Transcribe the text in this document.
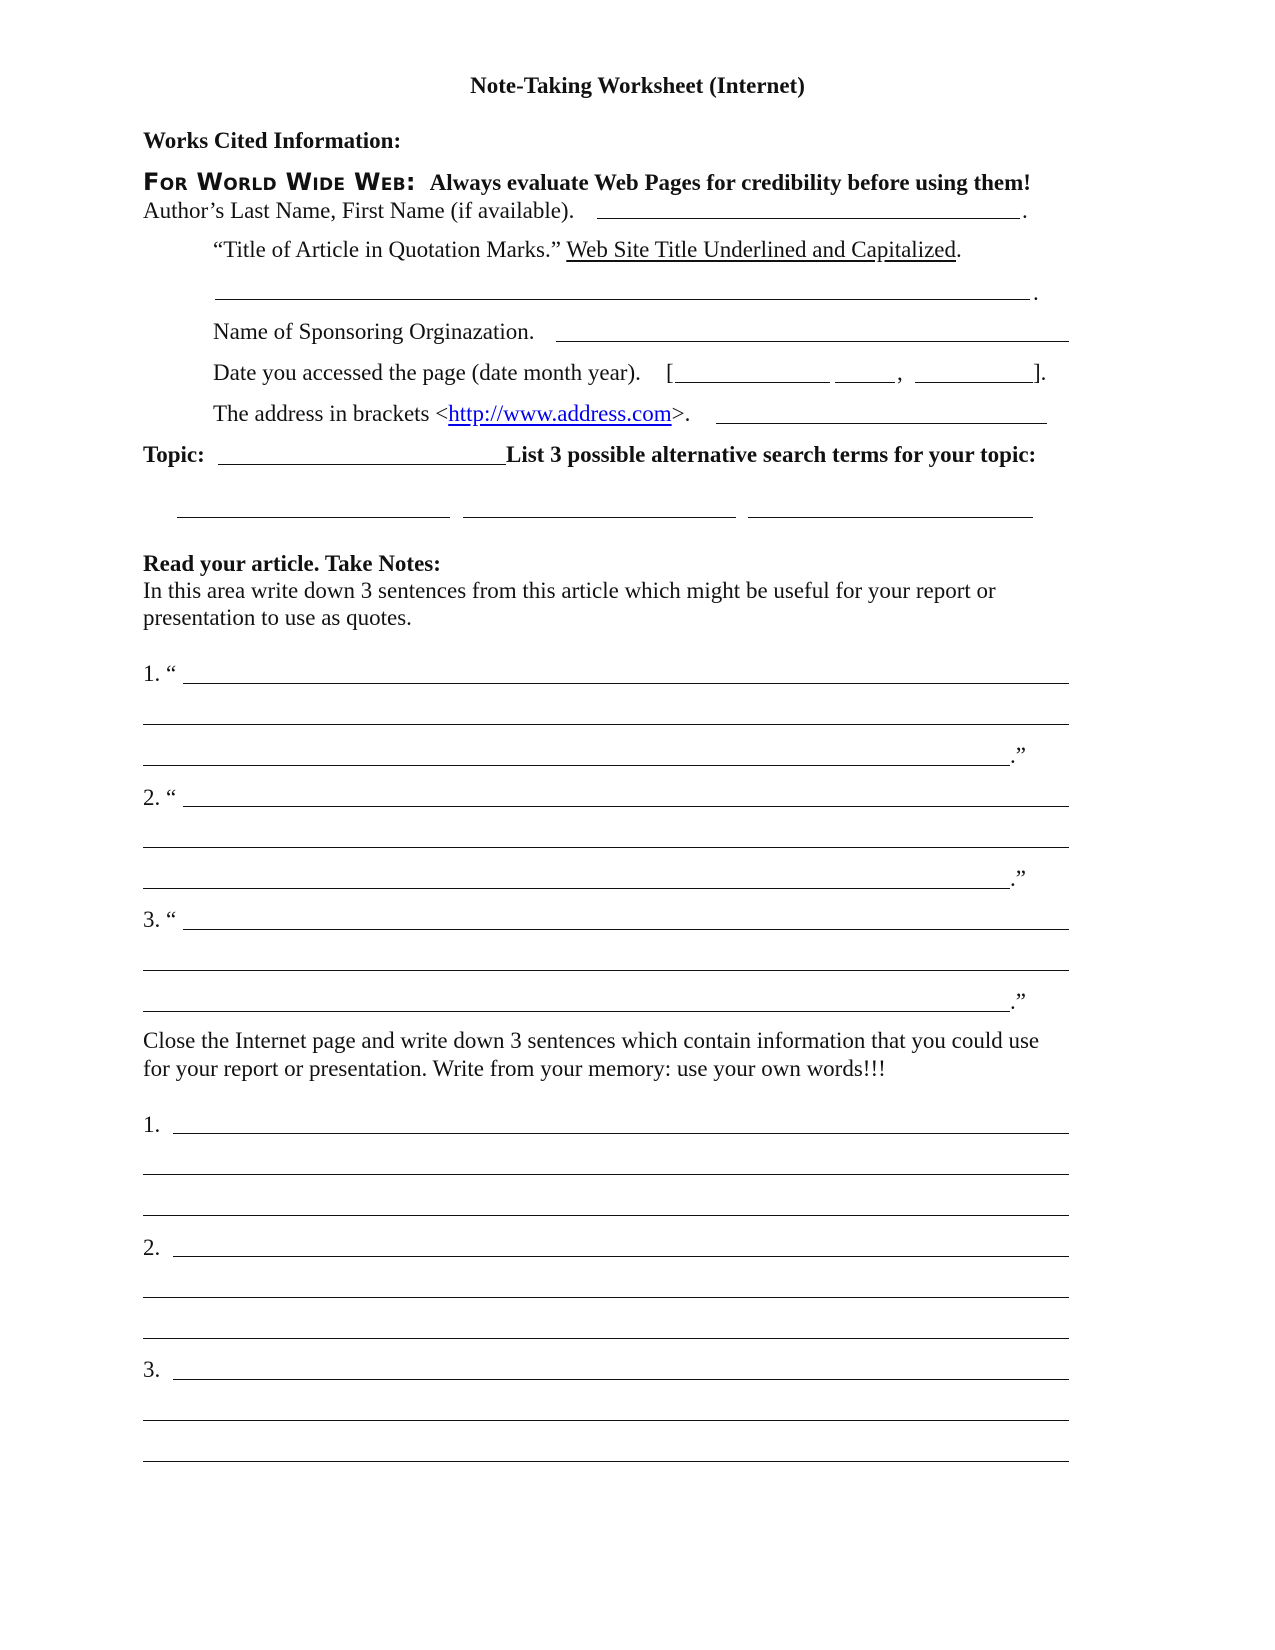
Note-Taking Worksheet (Internet)
Works Cited Information:
For World Wide Web: Always evaluate Web Pages for credibility before using them!
Author’s Last Name, First Name (if available).	.
“Title of Article in Quotation Marks.” Web Site Title Underlined and Capitalized.
.
Name of Sponsoring Orginazation.
Date you accessed the page (date month year). [	,	].
The address in brackets <http://www.address.com>.
Topic:	List 3 possible alternative search terms for your topic:
Read your article. Take Notes:
In this area write down 3 sentences from this article which might be useful for your report or
presentation to use as quotes.
1. “
.”
2. “
.”
3. “
.”
Close the Internet page and write down 3 sentences which contain information that you could use
for your report or presentation. Write from your memory: use your own words!!!
1.
2.
3.
